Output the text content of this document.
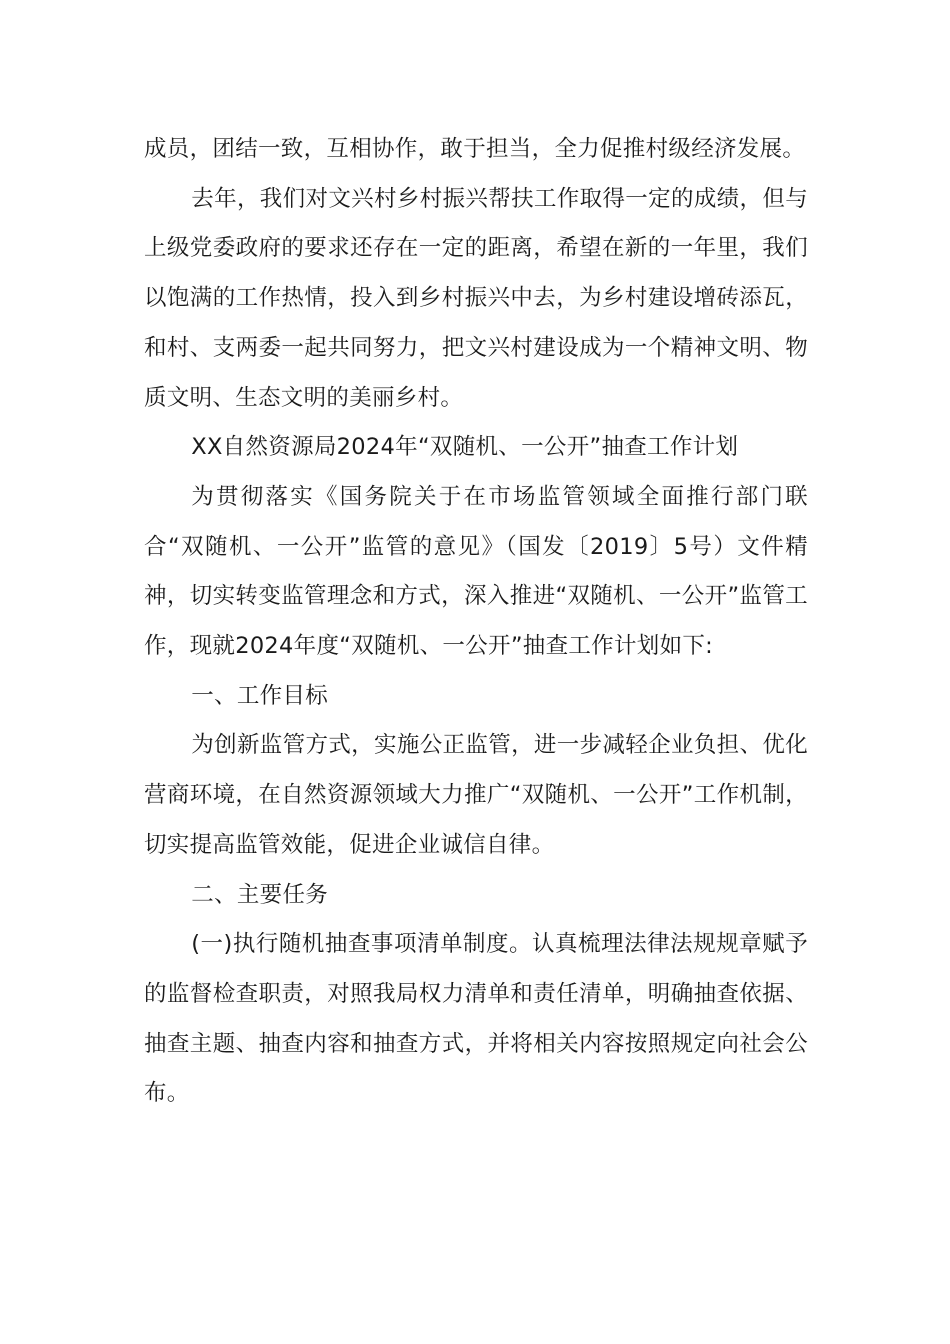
成员，团结一致，互相协作，敢于担当，全力促推村级经济发展。

去年，我们对文兴村乡村振兴帮扶工作取得一定的成绩，但与上级党委政府的要求还存在一定的距离，希望在新的一年里，我们以饱满的工作热情，投入到乡村振兴中去，为乡村建设增砖添瓦，和村、支两委一起共同努力，把文兴村建设成为一个精神文明、物质文明、生态文明的美丽乡村。

XX自然资源局2024年“双随机、一公开”抽查工作计划

为贯彻落实《国务院关于在市场监管领域全面推行部门联合“双随机、一公开”监管的意见》（国发〔2019〕5号）文件精神，切实转变监管理念和方式，深入推进“双随机、一公开”监管工作，现就2024年度“双随机、一公开”抽查工作计划如下:

一、工作目标

为创新监管方式，实施公正监管，进一步减轻企业负担、优化营商环境，在自然资源领域大力推广“双随机、一公开”工作机制，切实提高监管效能，促进企业诚信自律。

二、主要任务

(一)执行随机抽查事项清单制度。认真梳理法律法规规章赋予的监督检查职责，对照我局权力清单和责任清单，明确抽查依据、抽查主题、抽查内容和抽查方式，并将相关内容按照规定向社会公布。
